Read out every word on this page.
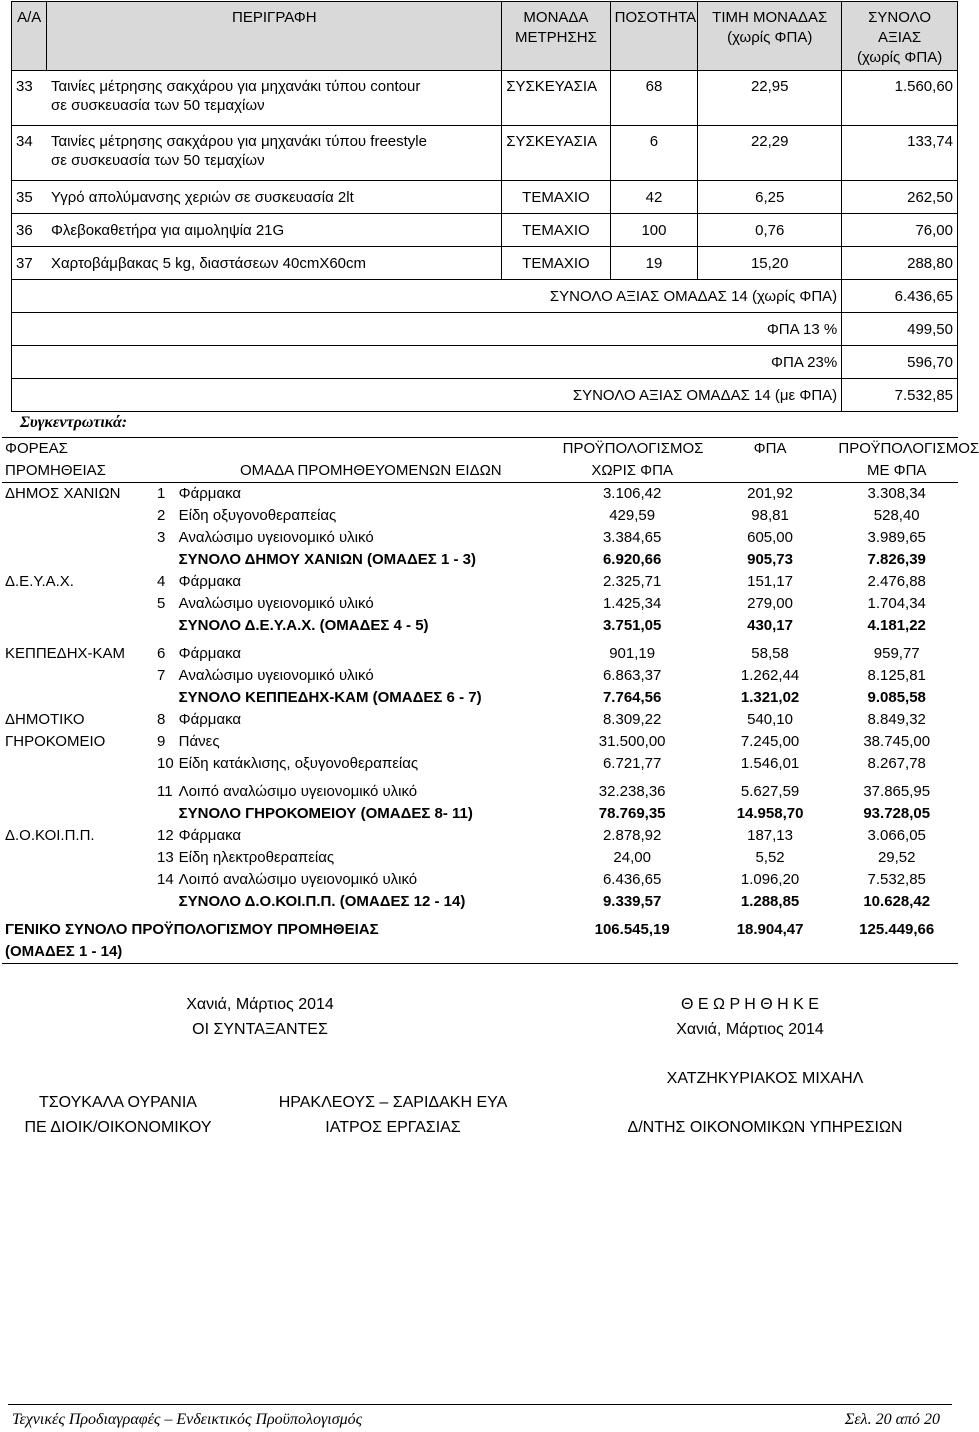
Α/Α	ΠΕΡΙΓΡΑΦΗ	ΜΟΝΑΔΑ
ΜΕΤΡΗΣΗΣ	ΠΟΣΟΤΗΤΑ	ΤΙΜΗ ΜΟΝΑΔΑΣ
(χωρίς ΦΠΑ)	ΣΥΝΟΛΟ ΑΞΙΑΣ
(χωρίς ΦΠΑ)
33	Ταινίες μέτρησης σακχάρου για μηχανάκι τύπου contour
σε συσκευασία των 50 τεμαχίων	ΣΥΣΚΕΥΑΣΙΑ	68	22,95	1.560,60
34	Ταινίες μέτρησης σακχάρου για μηχανάκι τύπου freestyle
σε συσκευασία των 50 τεμαχίων	ΣΥΣΚΕΥΑΣΙΑ	6	22,29	133,74
35	Υγρό απολύμανσης χεριών σε συσκευασία 2lt	ΤΕΜΑΧΙΟ	42	6,25	262,50
36	Φλεβοκαθετήρα για αιμοληψία 21G	ΤΕΜΑΧΙΟ	100	0,76	76,00
37	Χαρτοβάμβακας 5 kg, διαστάσεων 40cmX60cm	ΤΕΜΑΧΙΟ	19	15,20	288,80
ΣΥΝΟΛΟ ΑΞΙΑΣ ΟΜΑΔΑΣ 14 (χωρίς ΦΠΑ)					6.436,65
ΦΠΑ 13 %					499,50
ΦΠΑ 23%					596,70
ΣΥΝΟΛΟ ΑΞΙΑΣ ΟΜΑΔΑΣ 14 (με ΦΠΑ)					7.532,85
Συγκεντρωτικά:
ΦΟΡΕΑΣ
ΠΡΟΜΗΘΕΙΑΣ	ΟΜΑΔΑ ΠΡΟΜΗΘΕΥΟΜΕΝΩΝ ΕΙΔΩΝ		ΠΡΟΫΠΟΛΟΓΙΣΜΟΣ
ΧΩΡΙΣ ΦΠΑ	ΦΠΑ	ΠΡΟΫΠΟΛΟΓΙΣΜΟΣ
ΜΕ ΦΠΑ
ΔΗΜΟΣ ΧΑΝΙΩΝ	1	Φάρμακα	3.106,42	201,92	3.308,34
	2	Είδη οξυγονοθεραπείας	429,59	98,81	528,40
	3	Αναλώσιμο υγειονομικό υλικό	3.384,65	605,00	3.989,65
		ΣΥΝΟΛΟ ΔΗΜΟΥ ΧΑΝΙΩΝ (ΟΜΑΔΕΣ 1 - 3)	6.920,66	905,73	7.826,39
Δ.Ε.Υ.Α.Χ.	4	Φάρμακα	2.325,71	151,17	2.476,88
	5	Αναλώσιμο υγειονομικό υλικό	1.425,34	279,00	1.704,34
		ΣΥΝΟΛΟ Δ.Ε.Υ.Α.Χ. (ΟΜΑΔΕΣ 4 - 5)	3.751,05	430,17	4.181,22
ΚΕΠΠΕΔΗΧ-ΚΑΜ	6	Φάρμακα	901,19	58,58	959,77
	7	Αναλώσιμο υγειονομικό υλικό	6.863,37	1.262,44	8.125,81
		ΣΥΝΟΛΟ ΚΕΠΠΕΔΗΧ-ΚΑΜ (ΟΜΑΔΕΣ 6 - 7)	7.764,56	1.321,02	9.085,58
ΔΗΜΟΤΙΚΟ	8	Φάρμακα	8.309,22	540,10	8.849,32
ΓΗΡΟΚΟΜΕΙΟ	9	Πάνες	31.500,00	7.245,00	38.745,00
	10	Είδη κατάκλισης, οξυγονοθεραπείας	6.721,77	1.546,01	8.267,78
	11	Λοιπό αναλώσιμο υγειονομικό υλικό	32.238,36	5.627,59	37.865,95
		ΣΥΝΟΛΟ ΓΗΡΟΚΟΜΕΙΟΥ (ΟΜΑΔΕΣ 8- 11)	78.769,35	14.958,70	93.728,05
Δ.Ο.ΚΟΙ.Π.Π.	12	Φάρμακα	2.878,92	187,13	3.066,05
	13	Είδη ηλεκτροθεραπείας	24,00	5,52	29,52
	14	Λοιπό αναλώσιμο υγειονομικό υλικό	6.436,65	1.096,20	7.532,85
		ΣΥΝΟΛΟ Δ.Ο.ΚΟΙ.Π.Π. (ΟΜΑΔΕΣ 12 - 14)	9.339,57	1.288,85	10.628,42
ΓΕΝΙΚΟ ΣΥΝΟΛΟ ΠΡΟΫΠΟΛΟΓΙΣΜΟΥ ΠΡΟΜΗΘΕΙΑΣ
(ΟΜΑΔΕΣ 1 - 14)			106.545,19	18.904,47	125.449,66
Χανιά, Μάρτιος 2014
ΟΙ ΣΥΝΤΑΞΑΝΤΕΣ
Θ Ε Ω Ρ Η Θ Η Κ Ε
Χανιά, Μάρτιος 2014
ΧΑΤΖΗΚΥΡΙΑΚΟΣ ΜΙΧΑΗΛ
ΤΣΟΥΚΑΛΑ ΟΥΡΑΝΙΑ
ΠΕ ΔΙΟΙΚ/ΟΙΚΟΝΟΜΙΚΟΥ
ΗΡΑΚΛΕΟΥΣ – ΣΑΡΙΔΑΚΗ ΕΥΑ
ΙΑΤΡΟΣ ΕΡΓΑΣΙΑΣ	Δ/ΝΤΗΣ ΟΙΚΟΝΟΜΙΚΩΝ ΥΠΗΡΕΣΙΩΝ
Τεχνικές Προδιαγραφές – Ενδεικτικός Προϋπολογισμός	Σελ. 20 από 20
